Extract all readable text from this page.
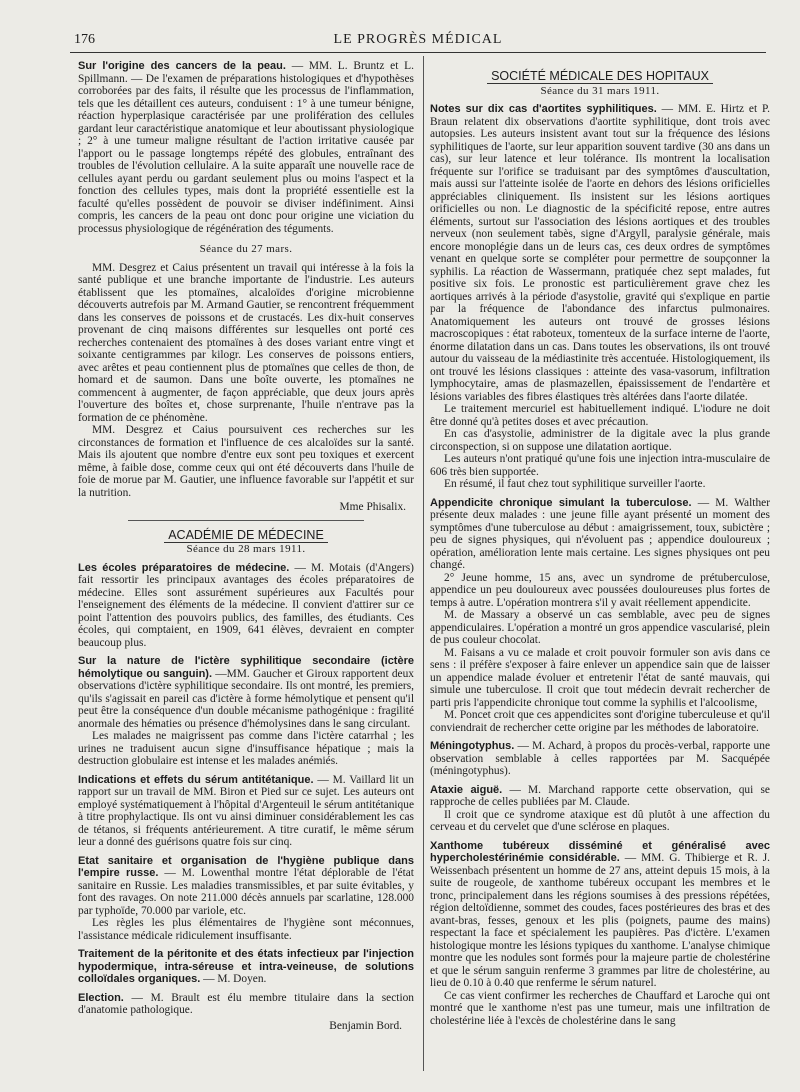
176	LE PROGRÈS MÉDICAL

Sur l'origine des cancers de la peau. — MM. L. Bruntz et L. Spillmann. — De l'examen de préparations histologiques et d'hypothèses corroborées par des faits, il résulte que les processus de l'inflammation, tels que les détaillent ces auteurs, conduisent : 1° à une tumeur bénigne, réaction hyperplasique caractérisée par une prolifération des cellules gardant leur caractéristique anatomique et leur aboutissant physiologique ; 2° à une tumeur maligne résultant de l'action irritative causée par l'apport ou le passage longtemps répété des globules, entraînant des troubles de l'évolution cellulaire. A la suite apparaît une nouvelle race de cellules ayant perdu ou gardant seulement plus ou moins l'aspect et la fonction des cellules types, mais dont la propriété essentielle est la faculté qu'elles possèdent de pouvoir se diviser indéfiniment. Ainsi compris, les cancers de la peau ont donc pour origine une viciation du processus physiologique de régénération des téguments.

Séance du 27 mars.

MM. Desgrez et Caius présentent un travail qui intéresse à la fois la santé publique et une branche importante de l'industrie. Les auteurs établissent que les ptomaïnes, alcaloïdes d'origine microbienne découverts autrefois par M. Armand Gautier, se rencontrent fréquemment dans les conserves de poissons et de crustacés. Les dix-huit conserves provenant de cinq maisons différentes sur lesquelles ont porté ces recherches contenaient des ptomaïnes à des doses variant entre vingt et soixante centigrammes par kilogr. Les conserves de poissons entiers, avec arêtes et peau contiennent plus de ptomaïnes que celles de thon, de homard et de saumon. Dans une boîte ouverte, les ptomaïnes ne commencent à augmenter, de façon appréciable, que deux jours après l'ouverture des boîtes et, chose surprenante, l'huile n'entrave pas la formation de ce phénomène.

MM. Desgrez et Caius poursuivent ces recherches sur les circonstances de formation et l'influence de ces alcaloïdes sur la santé. Mais ils ajoutent que nombre d'entre eux sont peu toxiques et exercent même, à faible dose, comme ceux qui ont été découverts dans l'huile de foie de morue par M. Gautier, une influence favorable sur l'appétit et sur la nutrition.

Mme Phisalix.
ACADÉMIE DE MÉDECINE
Séance du 28 mars 1911.

Les écoles préparatoires de médecine. — M. Motais (d'Angers) fait ressortir les principaux avantages des écoles préparatoires de médecine. Elles sont assurément supérieures aux Facultés pour l'enseignement des éléments de la médecine. Il convient d'attirer sur ce point l'attention des pouvoirs publics, des familles, des étudiants. Ces écoles, qui comptaient, en 1909, 641 élèves, devraient en compter beaucoup plus.

Sur la nature de l'ictère syphilitique secondaire (ictère hémolytique ou sanguin). —MM. Gaucher et Giroux rapportent deux observations d'ictère syphilitique secondaire. Ils ont montré, les premiers, qu'ils s'agissait en pareil cas d'ictère à forme hémolytique et pensent qu'il peut être la conséquence d'un double mécanisme pathogénique : fragilité anormale des hématies ou présence d'hémolysines dans le sang circulant.

Les malades ne maigrissent pas comme dans l'ictère catarrhal ; les urines ne traduisent aucun signe d'insuffisance hépatique ; mais la destruction globulaire est intense et les malades anémiés.

Indications et effets du sérum antitétanique. — M. Vaillard lit un rapport sur un travail de MM. Biron et Pied sur ce sujet. Les auteurs ont employé systématiquement à l'hôpital d'Argenteuil le sérum antitétanique à titre prophylactique. Ils ont vu ainsi diminuer considérablement les cas de tétanos, si fréquents antérieurement. A titre curatif, le même sérum leur a donné des guérisons quatre fois sur cinq.

Etat sanitaire et organisation de l'hygiène publique dans l'empire russe. — M. Lowenthal montre l'état déplorable de l'état sanitaire en Russie. Les maladies transmissibles, et par suite évitables, y font des ravages. On note 211.000 décès annuels par scarlatine, 128.000 par typhoïde, 70.000 par variole, etc.

Les règles les plus élémentaires de l'hygiène sont méconnues, l'assistance médicale ridiculement insuffisante.

Traitement de la péritonite et des états infectieux par l'injection hypodermique, intra-séreuse et intra-veineuse, de solutions colloïdales organiques. — M. Doyen.

Election. — M. Brault est élu membre titulaire dans la section d'anatomie pathologique.

Benjamin Bord.
SOCIÉTÉ MÉDICALE DES HOPITAUX
Séance du 31 mars 1911.

Notes sur dix cas d'aortites syphilitiques. — MM. E. Hirtz et P. Braun relatent dix observations d'aortite syphilitique, dont trois avec autopsies. Les auteurs insistent avant tout sur la fréquence des lésions syphilitiques de l'aorte, sur leur apparition souvent tardive (30 ans dans un cas), sur leur latence et leur tolérance. Ils montrent la localisation fréquente sur l'orifice se traduisant par des symptômes d'auscultation, mais aussi sur l'atteinte isolée de l'aorte en dehors des lésions orificielles appréciables cliniquement. Ils insistent sur les lésions aortiques orificielles ou non. Le diagnostic de la spécificité repose, entre autres éléments, surtout sur l'association des lésions aortiques et des troubles nerveux (non seulement tabès, signe d'Argyll, paralysie générale, mais encore monoplégie dans un de leurs cas, ces deux ordres de symptômes venant en quelque sorte se compléter pour permettre de soupçonner la syphilis. La réaction de Wassermann, pratiquée chez sept malades, fut positive six fois. Le pronostic est particulièrement grave chez les aortiques arrivés à la période d'asystolie, gravité qui s'explique en partie par la fréquence de l'abondance des infarctus pulmonaires. Anatomiquement les auteurs ont trouvé de grosses lésions macroscopiques : état raboteux, tomenteux de la surface interne de l'aorte, énorme dilatation dans un cas. Dans toutes les observations, ils ont trouvé autour du vaisseau de la médiastinite très accentuée. Histologiquement, ils ont trouvé les lésions classiques : atteinte des vasa-vasorum, infiltration lymphocytaire, amas de plasmazellen, épaississement de l'endartère et lésions variables des fibres élastiques très altérées dans l'aorte dilatée.

Le traitement mercuriel est habituellement indiqué. L'iodure ne doit être donné qu'à petites doses et avec précaution.

En cas d'asystolie, administrer de la digitale avec la plus grande circonspection, si on suppose une dilatation aortique.

Les auteurs n'ont pratiqué qu'une fois une injection intra-musculaire de 606 très bien supportée.

En résumé, il faut chez tout syphilitique surveiller l'aorte.

Appendicite chronique simulant la tuberculose. — M. Walther présente deux malades : une jeune fille ayant présenté un moment des symptômes d'une tuberculose au début : amaigrissement, toux, subictère ; peu de signes physiques, qui n'évoluent pas ; appendice douloureux ; opération, amélioration lente mais certaine. Les signes physiques ont peu changé.

2° Jeune homme, 15 ans, avec un syndrome de prétuberculose, appendice un peu douloureux avec poussées douloureuses plus fortes de temps à autre. L'opération montrera s'il y avait réellement appendicite.

M. de Massary a observé un cas semblable, avec peu de signes appendiculaires. L'opération a montré un gros appendice vascularisé, plein de pus couleur chocolat.

M. Faisans a vu ce malade et croit pouvoir formuler son avis dans ce sens : il préfère s'exposer à faire enlever un appendice sain que de laisser un appendice malade évoluer et entretenir l'état de santé mauvais, qui simule une tuberculose. Il croit que tout médecin devrait rechercher de parti pris l'appendicite chronique tout comme la syphilis et l'alcoolisme,

M. Poncet croit que ces appendicites sont d'origine tuberculeuse et qu'il conviendrait de rechercher cette origine par les méthodes de laboratoire.

Méningotyphus. — M. Achard, à propos du procès-verbal, rapporte une observation semblable à celles rapportées par M. Sacquépée (méningotyphus).

Ataxie aiguë. — M. Marchand rapporte cette observation, qui se rapproche de celles publiées par M. Claude.

Il croit que ce syndrome ataxique est dû plutôt à une affection du cerveau et du cervelet que d'une sclérose en plaques.

Xanthome tubéreux disséminé et généralisé avec hypercholestérinémie considérable. — MM. G. Thibierge et R. J. Weissenbach présentent un homme de 27 ans, atteint depuis 15 mois, à la suite de rougeole, de xanthome tubéreux occupant les membres et le tronc, principalement dans les régions soumises à des pressions répétées, région deltoïdienne, sommet des coudes, faces postérieures des bras et des avant-bras, fesses, genoux et les plis (poignets, paume des mains) respectant la face et spécialement les paupières. Pas d'ictère. L'examen histologique montre les lésions typiques du xanthome. L'analyse chimique montre que les nodules sont formés pour la majeure partie de cholestérine et que le sérum sanguin renferme 3 grammes par litre de cholestérine, au lieu de 0.10 à 0.40 que renferme le sérum naturel.

Ce cas vient confirmer les recherches de Chauffard et Laroche qui ont montré que le xanthome n'est pas une tumeur, mais une infiltration de cholestérine liée à l'excès de cholestérine dans le sang
